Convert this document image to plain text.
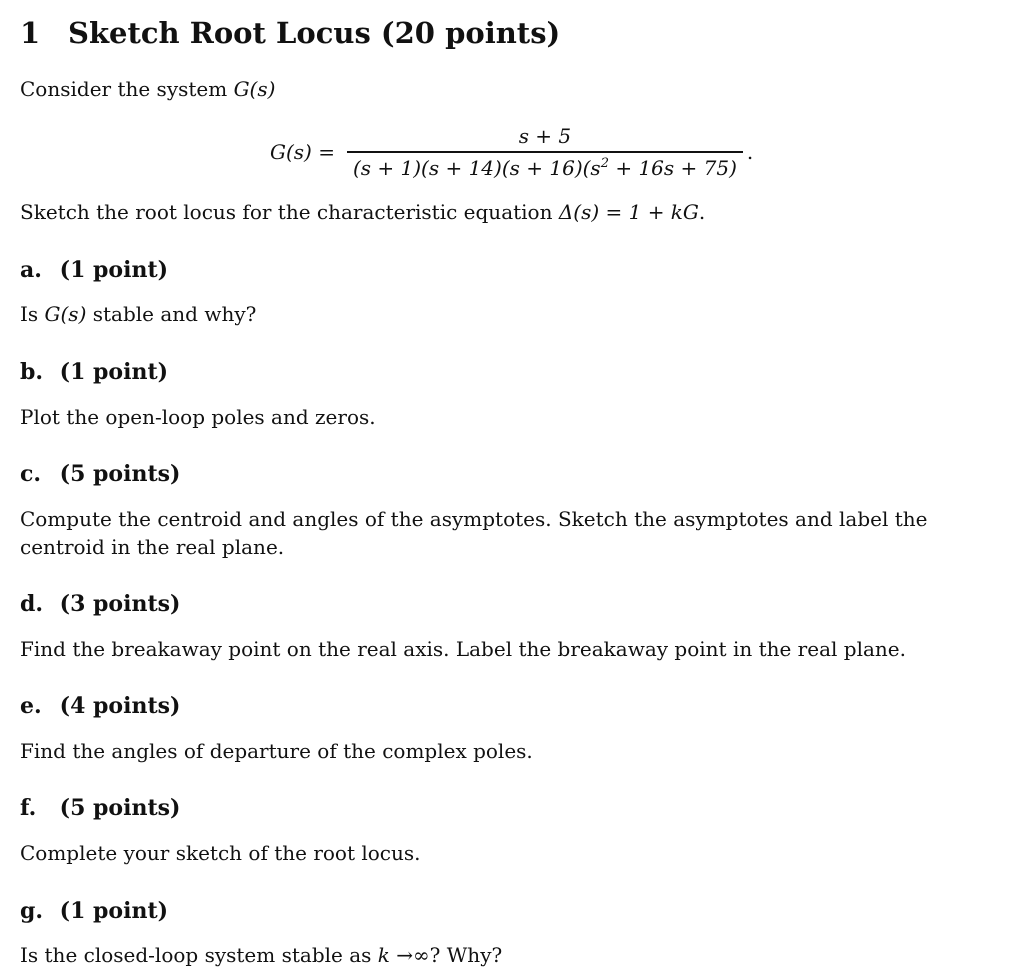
1 Sketch Root Locus (20 points)

Consider the system G(s)

$G(s) = \frac{s + 5}{(s + 1)(s + 14)(s + 16)(s^2 + 16s + 75)}$ .

Sketch the root locus for the characteristic equation Δ(s) = 1 + kG.

a. (1 point)

Is G(s) stable and why?

b. (1 point)

Plot the open-loop poles and zeros.

c. (5 points)

Compute the centroid and angles of the asymptotes. Sketch the asymptotes and label the centroid in the real plane.

d. (3 points)

Find the breakaway point on the real axis. Label the breakaway point in the real plane.

e. (4 points)

Find the angles of departure of the complex poles.

f. (5 points)

Complete your sketch of the root locus.

g. (1 point)

Is the closed-loop system stable as k →∞? Why?
